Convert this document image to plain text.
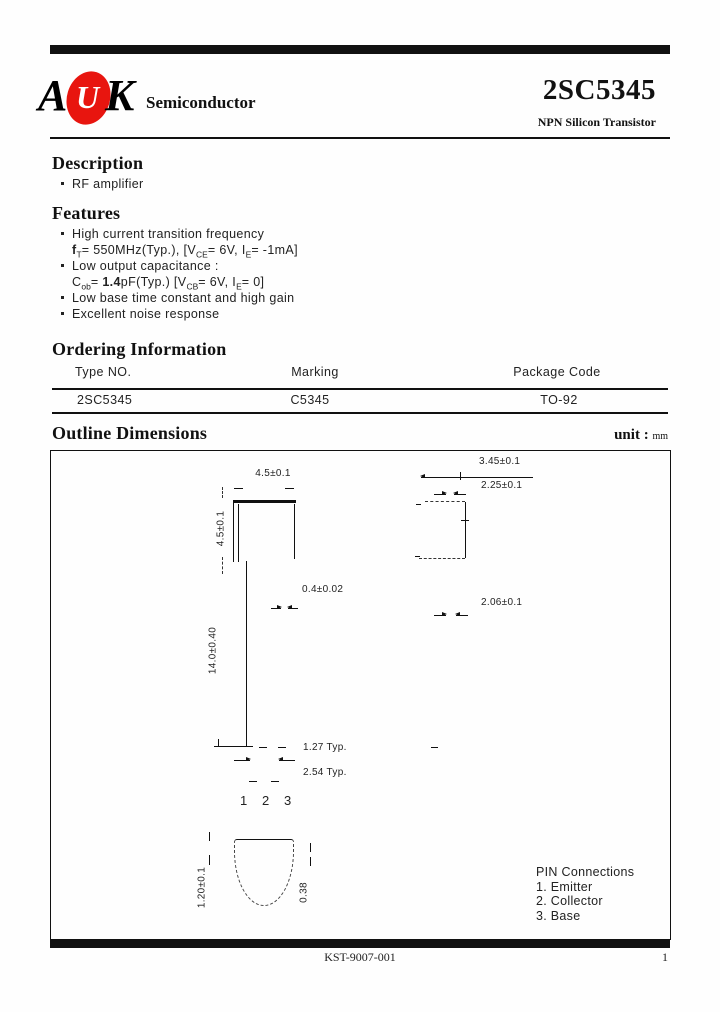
A U K Semiconductor	2SC5345
NPN Silicon Transistor
Description
RF amplifier
Features
High current transition frequency
$f_T= 550MHz(Typ.)$, [$V_{CE}= 6V$, $I_E= -1mA$]
Low output capacitance :
$C_{ob}= 1.4pF(Typ.)$ [$V_{CB}= 6V$, $I_E= 0$]
Low base time constant and high gain
Excellent noise response
Ordering Information
Type NO.	Marking	Package Code
2SC5345	C5345	TO-92
Outline Dimensions	unit : mm
4.5±0.1
4.5±0.1
14.0±0.40
0.4±0.02
1.27 Typ.
2.54 Typ.
1 2 3
1.20±0.1	0.38
3.45±0.1
2.25±0.1
2.06±0.1
PIN Connections
1. Emitter
2. Collector
3. Base
KST-9007-001	1
